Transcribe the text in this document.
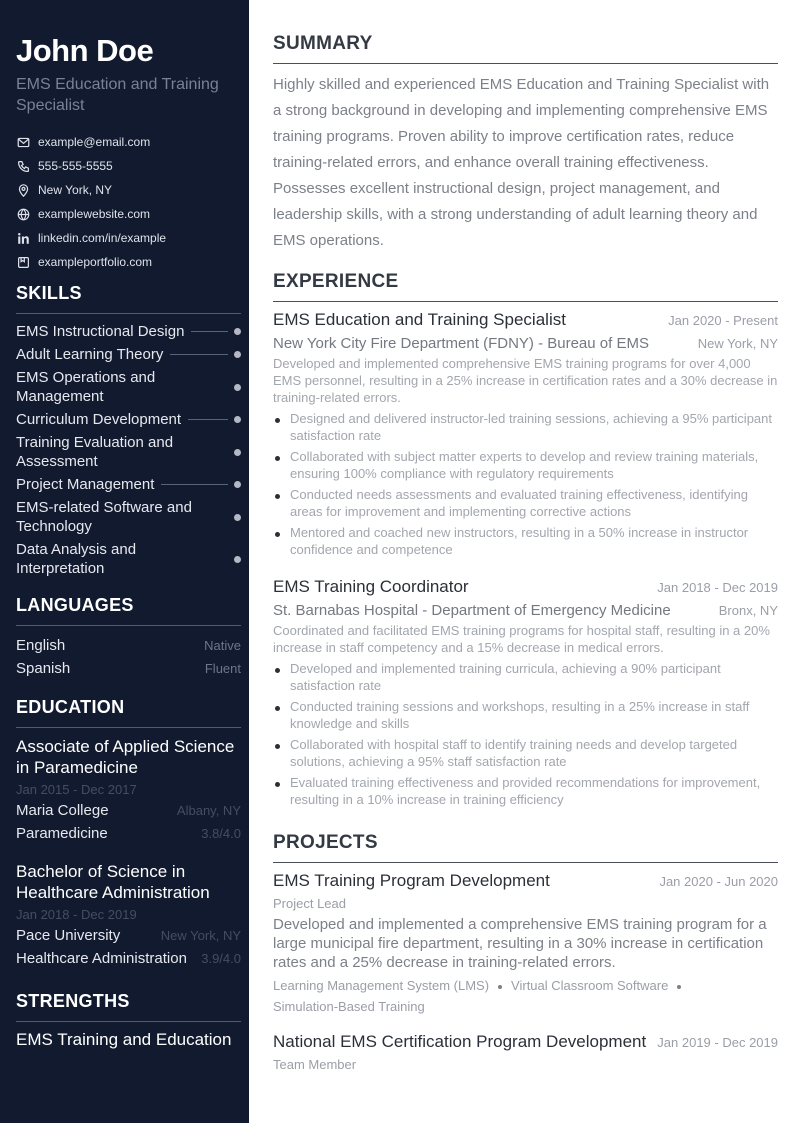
John Doe
EMS Education and Training Specialist
example@email.com
555-555-5555
New York, NY
examplewebsite.com
linkedin.com/in/example
exampleportfolio.com
SKILLS
EMS Instructional Design
Adult Learning Theory
EMS Operations and Management
Curriculum Development
Training Evaluation and Assessment
Project Management
EMS-related Software and Technology
Data Analysis and Interpretation
LANGUAGES
English	Native
Spanish	Fluent
EDUCATION
Associate of Applied Science in Paramedicine
Jan 2015 - Dec 2017
Maria College	Albany, NY
Paramedicine	3.8/4.0
Bachelor of Science in Healthcare Administration
Jan 2018 - Dec 2019
Pace University	New York, NY
Healthcare Administration 3.9/4.0
STRENGTHS
EMS Training and Education
SUMMARY

Highly skilled and experienced EMS Education and Training Specialist with a strong background in developing and implementing comprehensive EMS training programs. Proven ability to improve certification rates, reduce training-related errors, and enhance overall training effectiveness. Possesses excellent instructional design, project management, and leadership skills, with a strong understanding of adult learning theory and EMS operations.

EXPERIENCE
EMS Education and Training Specialist	Jan 2020 - Present
New York City Fire Department (FDNY) - Bureau of EMS	New York, NY
Developed and implemented comprehensive EMS training programs for over 4,000 EMS personnel, resulting in a 25% increase in certification rates and a 30% decrease in training-related errors.
Designed and delivered instructor-led training sessions, achieving a 95% participant satisfaction rate
Collaborated with subject matter experts to develop and review training materials, ensuring 100% compliance with regulatory requirements
Conducted needs assessments and evaluated training effectiveness, identifying areas for improvement and implementing corrective actions
Mentored and coached new instructors, resulting in a 50% increase in instructor confidence and competence
EMS Training Coordinator	Jan 2018 - Dec 2019
St. Barnabas Hospital - Department of Emergency Medicine	Bronx, NY
Coordinated and facilitated EMS training programs for hospital staff, resulting in a 20% increase in staff competency and a 15% decrease in medical errors.
Developed and implemented training curricula, achieving a 90% participant satisfaction rate
Conducted training sessions and workshops, resulting in a 25% increase in staff knowledge and skills
Collaborated with hospital staff to identify training needs and develop targeted solutions, achieving a 95% staff satisfaction rate
Evaluated training effectiveness and provided recommendations for improvement, resulting in a 10% increase in training efficiency
PROJECTS
EMS Training Program Development	Jan 2020 - Jun 2020
Project Lead
Developed and implemented a comprehensive EMS training program for a large municipal fire department, resulting in a 30% increase in certification rates and a 25% decrease in training-related errors.
Learning Management System (LMS) Virtual Classroom Software
Simulation-Based Training
National EMS Certification Program Development Jan 2019 - Dec 2019
Team Member
